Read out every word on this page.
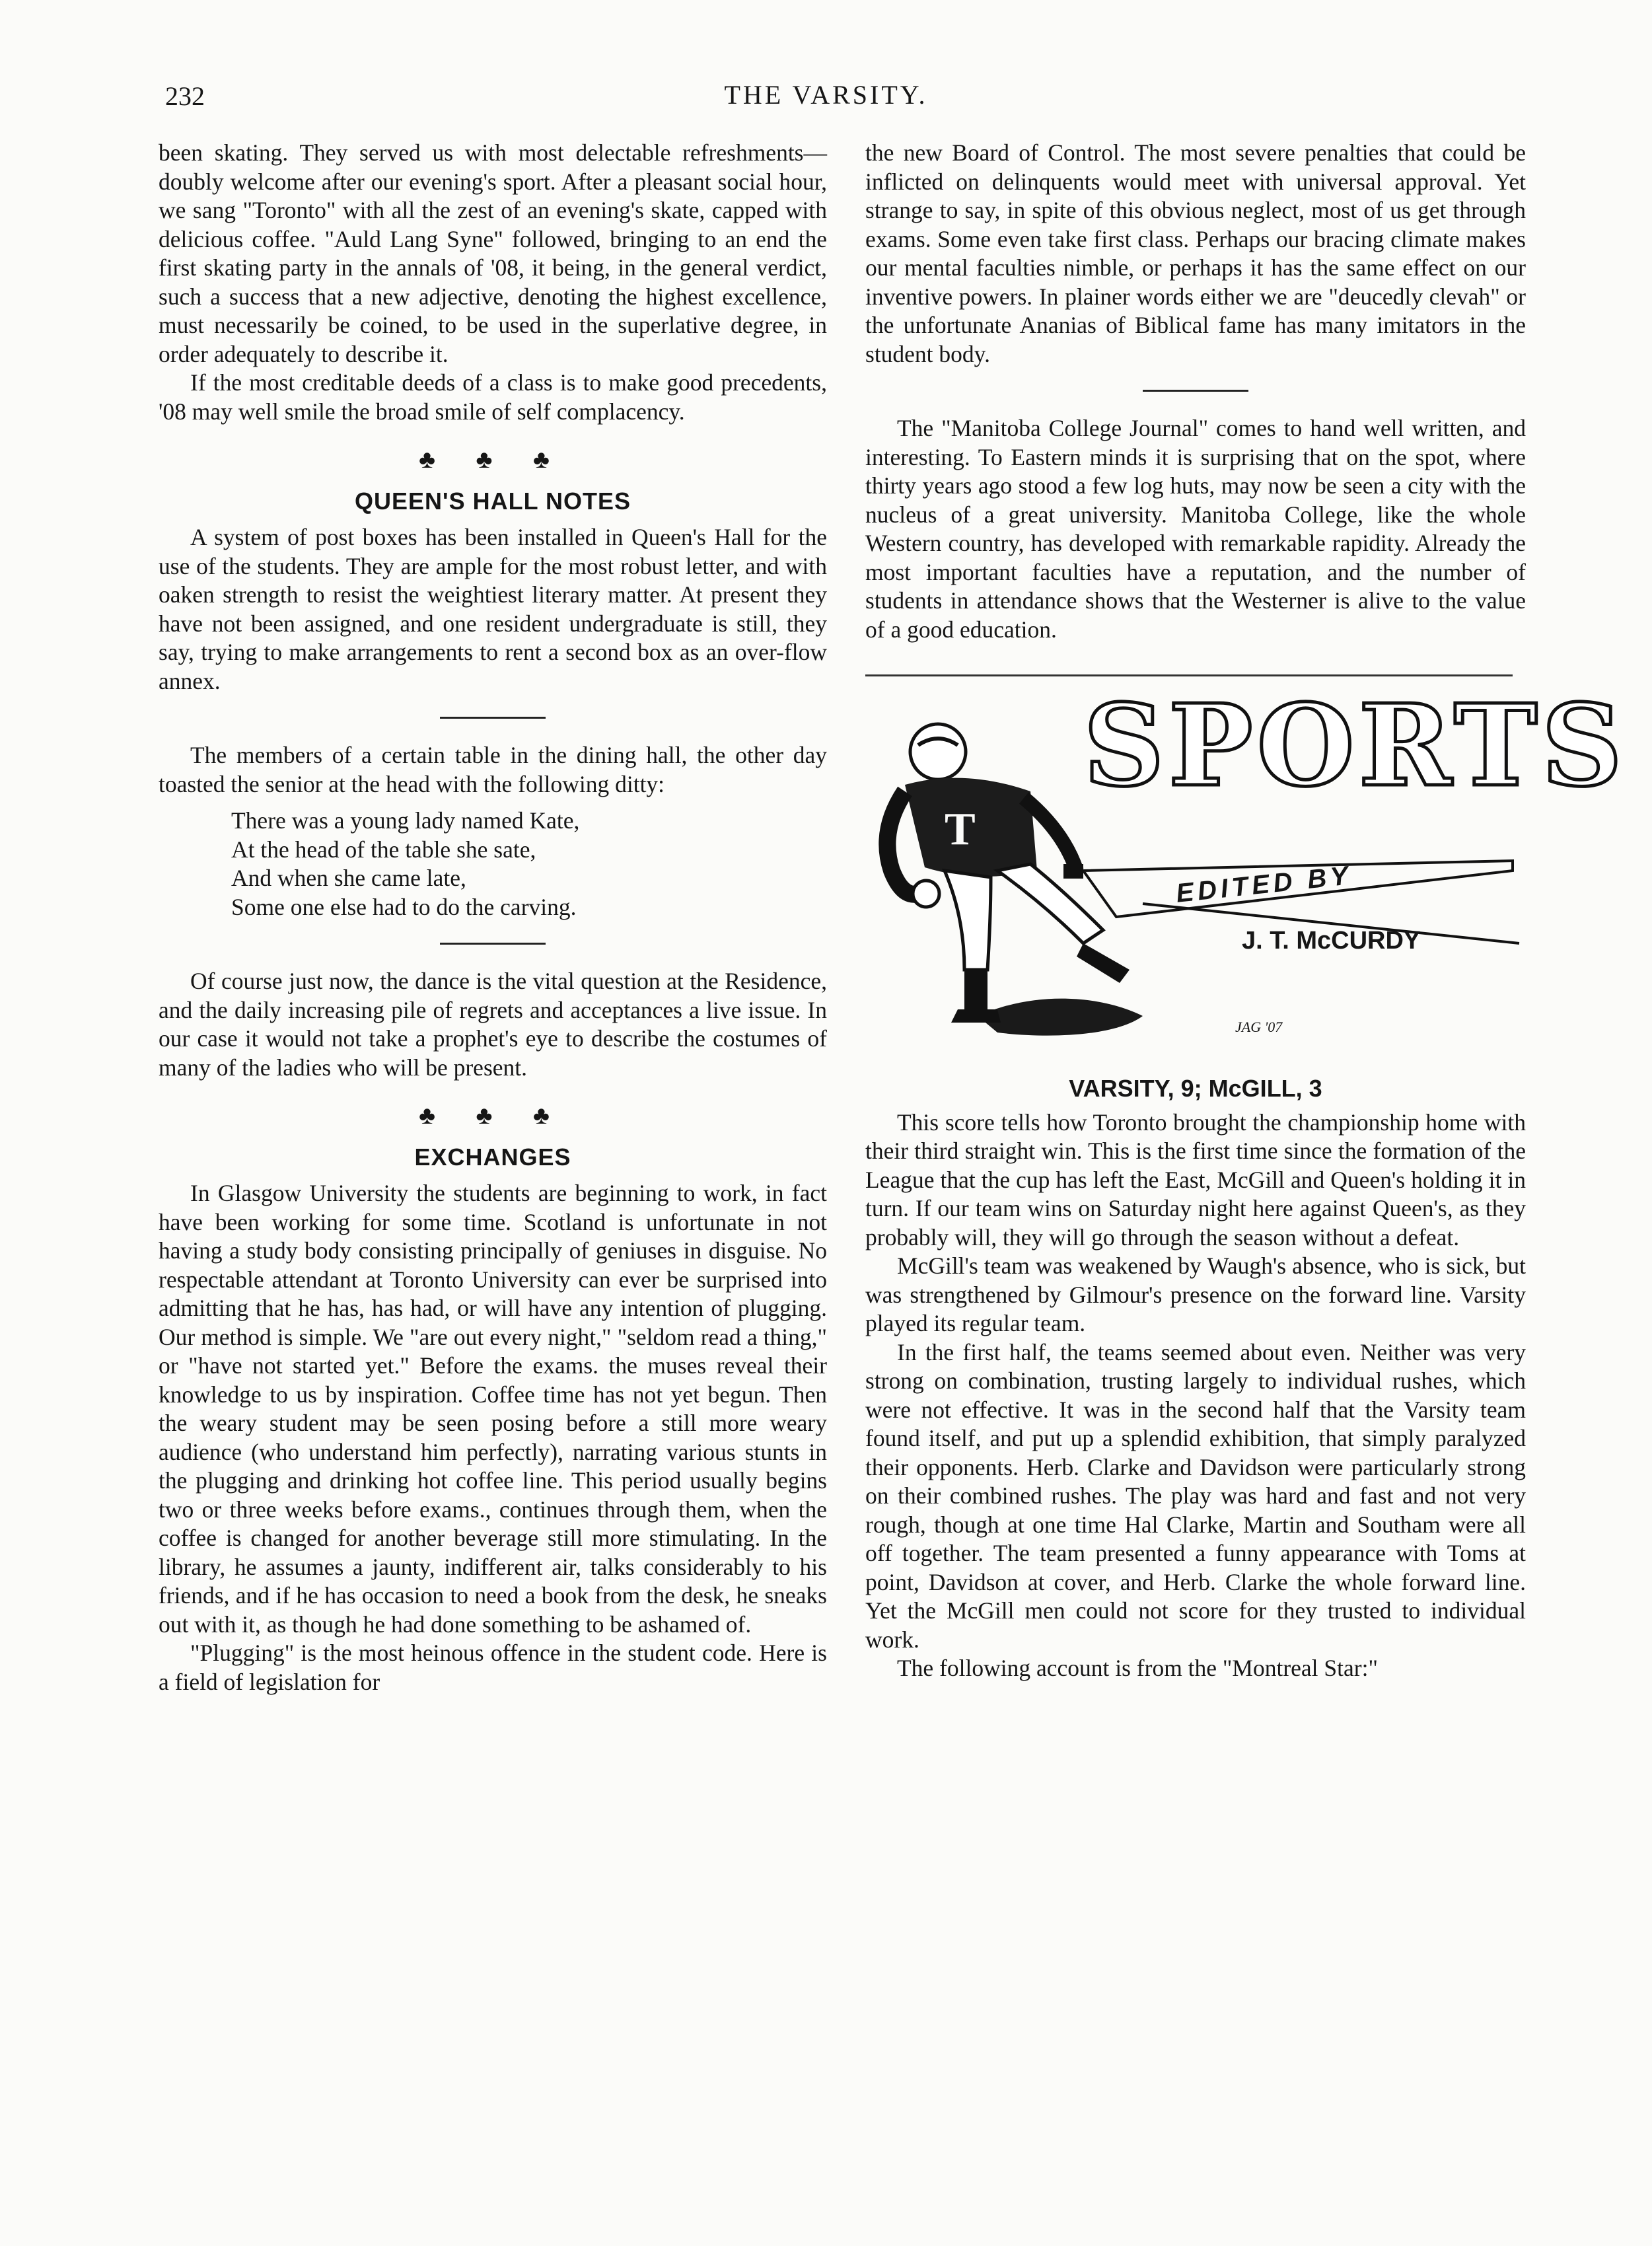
232	THE VARSITY.

been skating. They served us with most delectable refreshments—doubly welcome after our evening's sport. After a pleasant social hour, we sang "Toronto" with all the zest of an evening's skate, capped with delicious coffee. "Auld Lang Syne" followed, bringing to an end the first skating party in the annals of '08, it being, in the general verdict, such a success that a new adjective, denoting the highest excellence, must necessarily be coined, to be used in the superlative degree, in order adequately to describe it.

If the most creditable deeds of a class is to make good precedents, '08 may well smile the broad smile of self complacency.

♣ ♣ ♣
QUEEN'S HALL NOTES

A system of post boxes has been installed in Queen's Hall for the use of the students. They are ample for the most robust letter, and with oaken strength to resist the weightiest literary matter. At present they have not been assigned, and one resident undergraduate is still, they say, trying to make arrangements to rent a second box as an over-flow annex.

The members of a certain table in the dining hall, the other day toasted the senior at the head with the following ditty:

There was a young lady named Kate,
At the head of the table she sate,
And when she came late,
Some one else had to do the carving.

Of course just now, the dance is the vital question at the Residence, and the daily increasing pile of regrets and acceptances a live issue. In our case it would not take a prophet's eye to describe the costumes of many of the ladies who will be present.

♣ ♣ ♣
EXCHANGES

In Glasgow University the students are beginning to work, in fact have been working for some time. Scotland is unfortunate in not having a study body consisting principally of geniuses in disguise. No respectable attendant at Toronto University can ever be surprised into admitting that he has, has had, or will have any intention of plugging. Our method is simple. We "are out every night," "seldom read a thing," or "have not started yet." Before the exams. the muses reveal their knowledge to us by inspiration. Coffee time has not yet begun. Then the weary student may be seen posing before a still more weary audience (who understand him perfectly), narrating various stunts in the plugging and drinking hot coffee line. This period usually begins two or three weeks before exams., continues through them, when the coffee is changed for another beverage still more stimulating. In the library, he assumes a jaunty, indifferent air, talks considerably to his friends, and if he has occasion to need a book from the desk, he sneaks out with it, as though he had done something to be ashamed of.

"Plugging" is the most heinous offence in the student code. Here is a field of legislation for

the new Board of Control. The most severe penalties that could be inflicted on delinquents would meet with universal approval. Yet strange to say, in spite of this obvious neglect, most of us get through exams. Some even take first class. Perhaps our bracing climate makes our mental faculties nimble, or perhaps it has the same effect on our inventive powers. In plainer words either we are "deucedly clevah" or the unfortunate Ananias of Biblical fame has many imitators in the student body.

The "Manitoba College Journal" comes to hand well written, and interesting. To Eastern minds it is surprising that on the spot, where thirty years ago stood a few log huts, may now be seen a city with the nucleus of a great university. Manitoba College, like the whole Western country, has developed with remarkable rapidity. Already the most important faculties have a reputation, and the number of students in attendance shows that the Westerner is alive to the value of a good education.

T
SPORTS
EDITED BY
J. T. McCURDY
JAG '07
VARSITY, 9; McGILL, 3

This score tells how Toronto brought the championship home with their third straight win. This is the first time since the formation of the League that the cup has left the East, McGill and Queen's holding it in turn. If our team wins on Saturday night here against Queen's, as they probably will, they will go through the season without a defeat.

McGill's team was weakened by Waugh's absence, who is sick, but was strengthened by Gilmour's presence on the forward line. Varsity played its regular team.

In the first half, the teams seemed about even. Neither was very strong on combination, trusting largely to individual rushes, which were not effective. It was in the second half that the Varsity team found itself, and put up a splendid exhibition, that simply paralyzed their opponents. Herb. Clarke and Davidson were particularly strong on their combined rushes. The play was hard and fast and not very rough, though at one time Hal Clarke, Martin and Southam were all off together. The team presented a funny appearance with Toms at point, Davidson at cover, and Herb. Clarke the whole forward line. Yet the McGill men could not score for they trusted to individual work.

The following account is from the "Montreal Star:"
